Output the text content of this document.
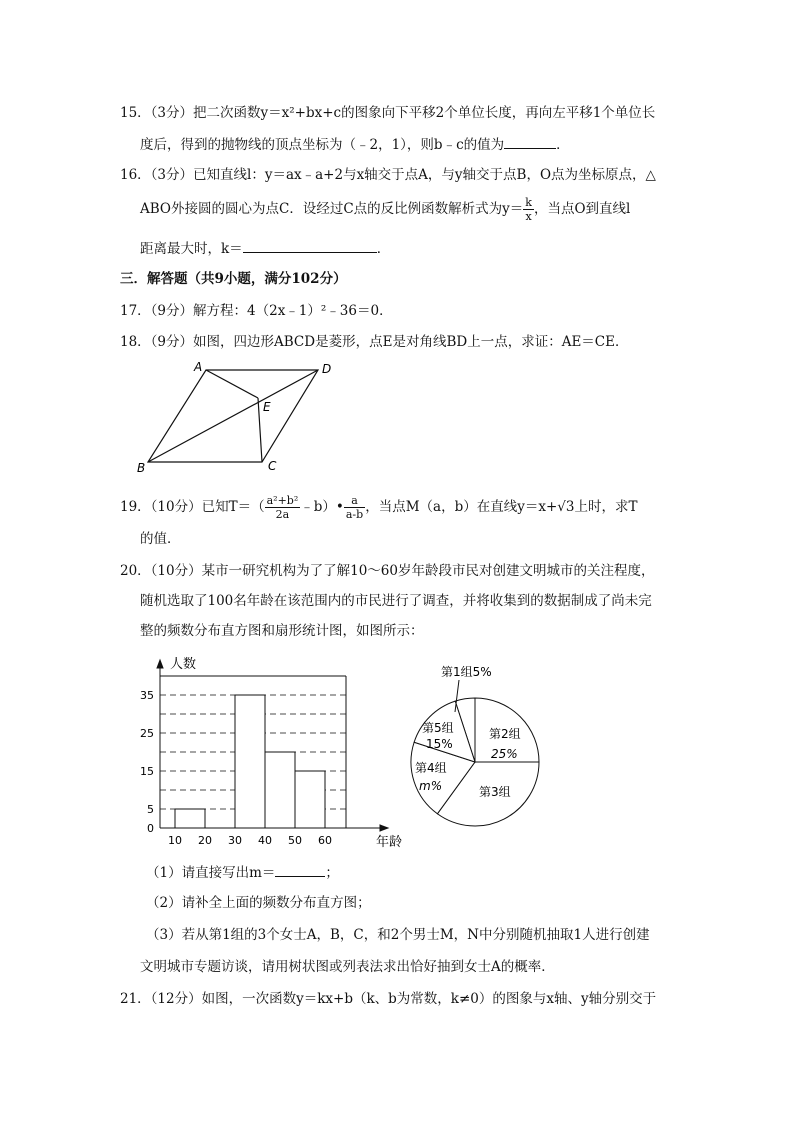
15．（3分）把二次函数y＝x²+bx+c的图象向下平移2个单位长度，再向左平移1个单位长
度后，得到的抛物线的顶点坐标为（﹣2，1），则b﹣c的值为	．
16．（3分）已知直线l：y＝ax﹣a+2与x轴交于点A，与y轴交于点B，O点为坐标原点，△
ABO外接圆的圆心为点C．设经过C点的反比例函数解析式为$y= \frac{k}{x}$ ，当点O到直线l
距离最大时，k＝	．
三．解答题（共9小题，满分102分）
17．（9分）解方程：4（2x﹣1）²﹣36＝0．
18．（9分）如图，四边形ABCD是菱形，点E是对角线BD上一点，求证：AE＝CE．
A	D
E
B	C
19．（10分）已知$T=( \frac{\text{a²+b²}}{2a}$ ﹣b）• $\frac{a}{a-b}$ ，当点M（a，b）在直线y＝x+√3上时，求T
的值．
20．（10分）某市一研究机构为了了解10～60岁年龄段市民对创建文明城市的关注程度，
随机选取了100名年龄在该范围内的市民进行了调查，并将收集到的数据制成了尚未完
整的频数分布直方图和扇形统计图，如图所示：
0
5
15
25
35
10 20 30 40 50 60
人数
年龄
第1组5%
第2组
25%
第3组
第4组
m%
第5组
15%
（1）请直接写出m＝	；
（2）请补全上面的频数分布直方图；
（3）若从第1组的3个女士A，B，C，和2个男士M，N中分别随机抽取1人进行创建
文明城市专题访谈，请用树状图或列表法求出恰好抽到女士A的概率．
21．（12分）如图，一次函数y＝kx+b（k、b为常数，k≠0）的图象与x轴、y轴分别交于
